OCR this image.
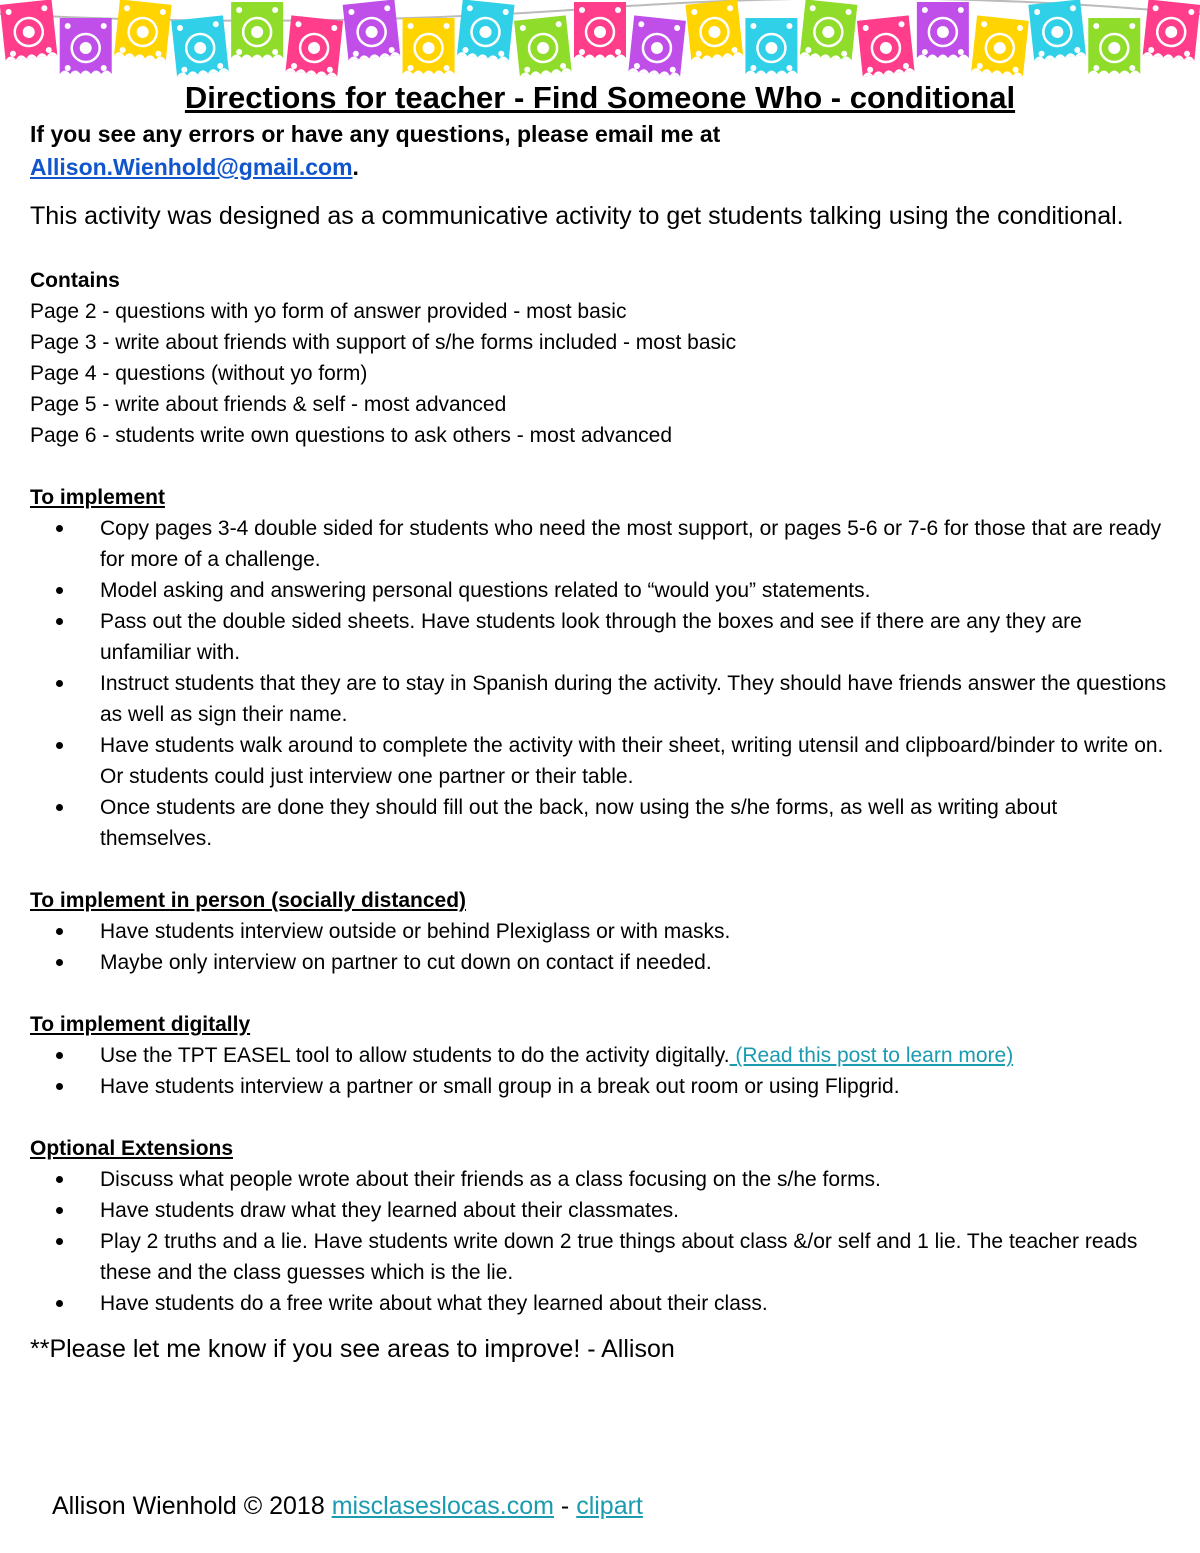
Directions for teacher - Find Someone Who - conditional

If you see any errors or have any questions, please email me at
Allison.Wienhold@gmail.com.

This activity was designed as a communicative activity to get students talking using the conditional.

Contains

Page 2 - questions with yo form of answer provided - most basic
Page 3 - write about friends with support of s/he forms included - most basic
Page 4 - questions (without yo form)
Page 5 - write about friends & self - most advanced
Page 6 - students write own questions to ask others - most advanced

To implement

Copy pages 3-4 double sided for students who need the most support, or pages 5-6 or 7-6 for those that are ready for more of a challenge.
Model asking and answering personal questions related to “would you” statements.
Pass out the double sided sheets. Have students look through the boxes and see if there are any they are unfamiliar with.
Instruct students that they are to stay in Spanish during the activity. They should have friends answer the questions as well as sign their name.
Have students walk around to complete the activity with their sheet, writing utensil and clipboard/binder to write on. Or students could just interview one partner or their table.
Once students are done they should fill out the back, now using the s/he forms, as well as writing about themselves.

To implement in person (socially distanced)

Have students interview outside or behind Plexiglass or with masks.
Maybe only interview on partner to cut down on contact if needed.

To implement digitally

Use the TPT EASEL tool to allow students to do the activity digitally. (Read this post to learn more)
Have students interview a partner or small group in a break out room or using Flipgrid.

Optional Extensions

Discuss what people wrote about their friends as a class focusing on the s/he forms.
Have students draw what they learned about their classmates.
Play 2 truths and a lie. Have students write down 2 true things about class &/or self and 1 lie. The teacher reads these and the class guesses which is the lie.
Have students do a free write about what they learned about their class.

**Please let me know if you see areas to improve! - Allison

Allison Wienhold © 2018 misclaseslocas.com - clipart
